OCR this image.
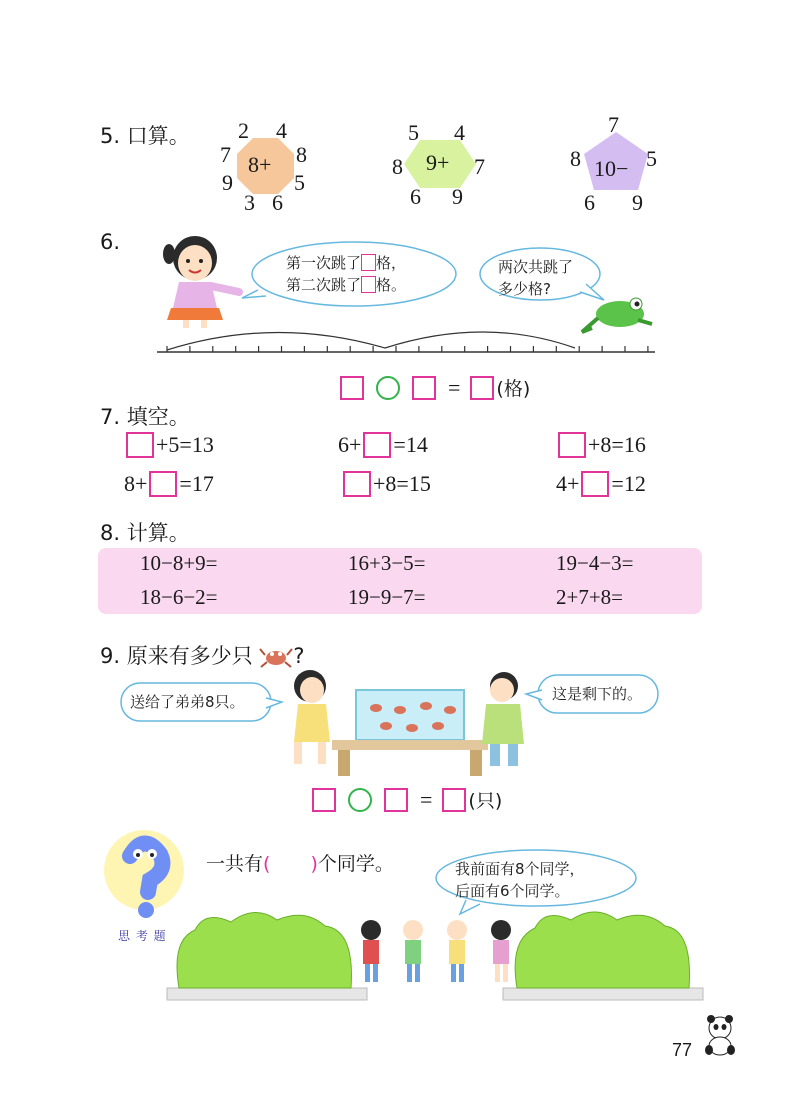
5. 口算。
8+
2 4
7	8
9	5
3 6
9+
5 4
8	7
6 9
10−
7
8	5
6 9
6.
第一次跳了 格，
第二次跳了 格。
两次共跳了
多少格?
= (格)
7. 填空。
+5=13	6+ =14	+8=16
8+ =17	+8=15	4+ =12
8. 计算。
10−8+9=	16+3−5=	19−4−3=
18−6−2=	19−9−7=	2+7+8=
9. 原来有多少只 ?
送给了弟弟8只。	这是剩下的。
= (只)
思 考 题
一共有( )个同学。	我前面有8个同学，
后面有6个同学。
77
